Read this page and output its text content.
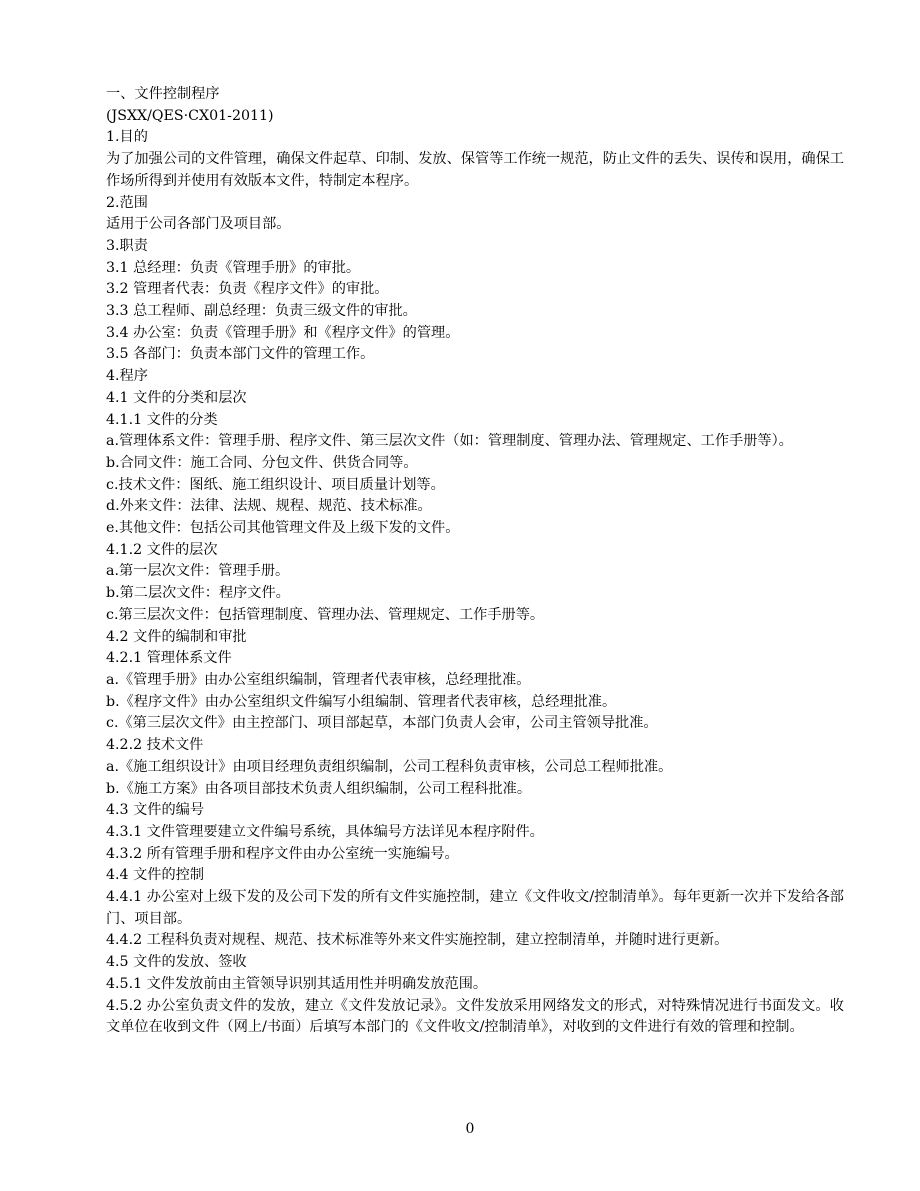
一、文件控制程序
(JSXX/QES·CX01-2011)
1.目的
为了加强公司的文件管理，确保文件起草、印制、发放、保管等工作统一规范，防止文件的丢失、误传和误用，确保工作场所得到并使用有效版本文件，特制定本程序。
2.范围
适用于公司各部门及项目部。
3.职责
3.1 总经理：负责《管理手册》的审批。
3.2 管理者代表：负责《程序文件》的审批。
3.3 总工程师、副总经理：负责三级文件的审批。
3.4 办公室：负责《管理手册》和《程序文件》的管理。
3.5 各部门：负责本部门文件的管理工作。
4.程序
4.1 文件的分类和层次
4.1.1 文件的分类
a.管理体系文件：管理手册、程序文件、第三层次文件（如：管理制度、管理办法、管理规定、工作手册等）。
b.合同文件：施工合同、分包文件、供货合同等。
c.技术文件：图纸、施工组织设计、项目质量计划等。
d.外来文件：法律、法规、规程、规范、技术标准。
e.其他文件：包括公司其他管理文件及上级下发的文件。
4.1.2 文件的层次
a.第一层次文件：管理手册。
b.第二层次文件：程序文件。
c.第三层次文件：包括管理制度、管理办法、管理规定、工作手册等。
4.2 文件的编制和审批
4.2.1 管理体系文件
a.《管理手册》由办公室组织编制，管理者代表审核，总经理批准。
b.《程序文件》由办公室组织文件编写小组编制、管理者代表审核，总经理批准。
c.《第三层次文件》由主控部门、项目部起草，本部门负责人会审，公司主管领导批准。
4.2.2 技术文件
a.《施工组织设计》由项目经理负责组织编制，公司工程科负责审核，公司总工程师批准。
b.《施工方案》由各项目部技术负责人组织编制，公司工程科批准。
4.3 文件的编号
4.3.1 文件管理要建立文件编号系统，具体编号方法详见本程序附件。
4.3.2 所有管理手册和程序文件由办公室统一实施编号。
4.4 文件的控制
4.4.1 办公室对上级下发的及公司下发的所有文件实施控制，建立《文件收文/控制清单》。每年更新一次并下发给各部门、项目部。
4.4.2 工程科负责对规程、规范、技术标准等外来文件实施控制，建立控制清单，并随时进行更新。
4.5 文件的发放、签收
4.5.1 文件发放前由主管领导识别其适用性并明确发放范围。
4.5.2 办公室负责文件的发放，建立《文件发放记录》。文件发放采用网络发文的形式，对特殊情况进行书面发文。收文单位在收到文件（网上/书面）后填写本部门的《文件收文/控制清单》，对收到的文件进行有效的管理和控制。
0
